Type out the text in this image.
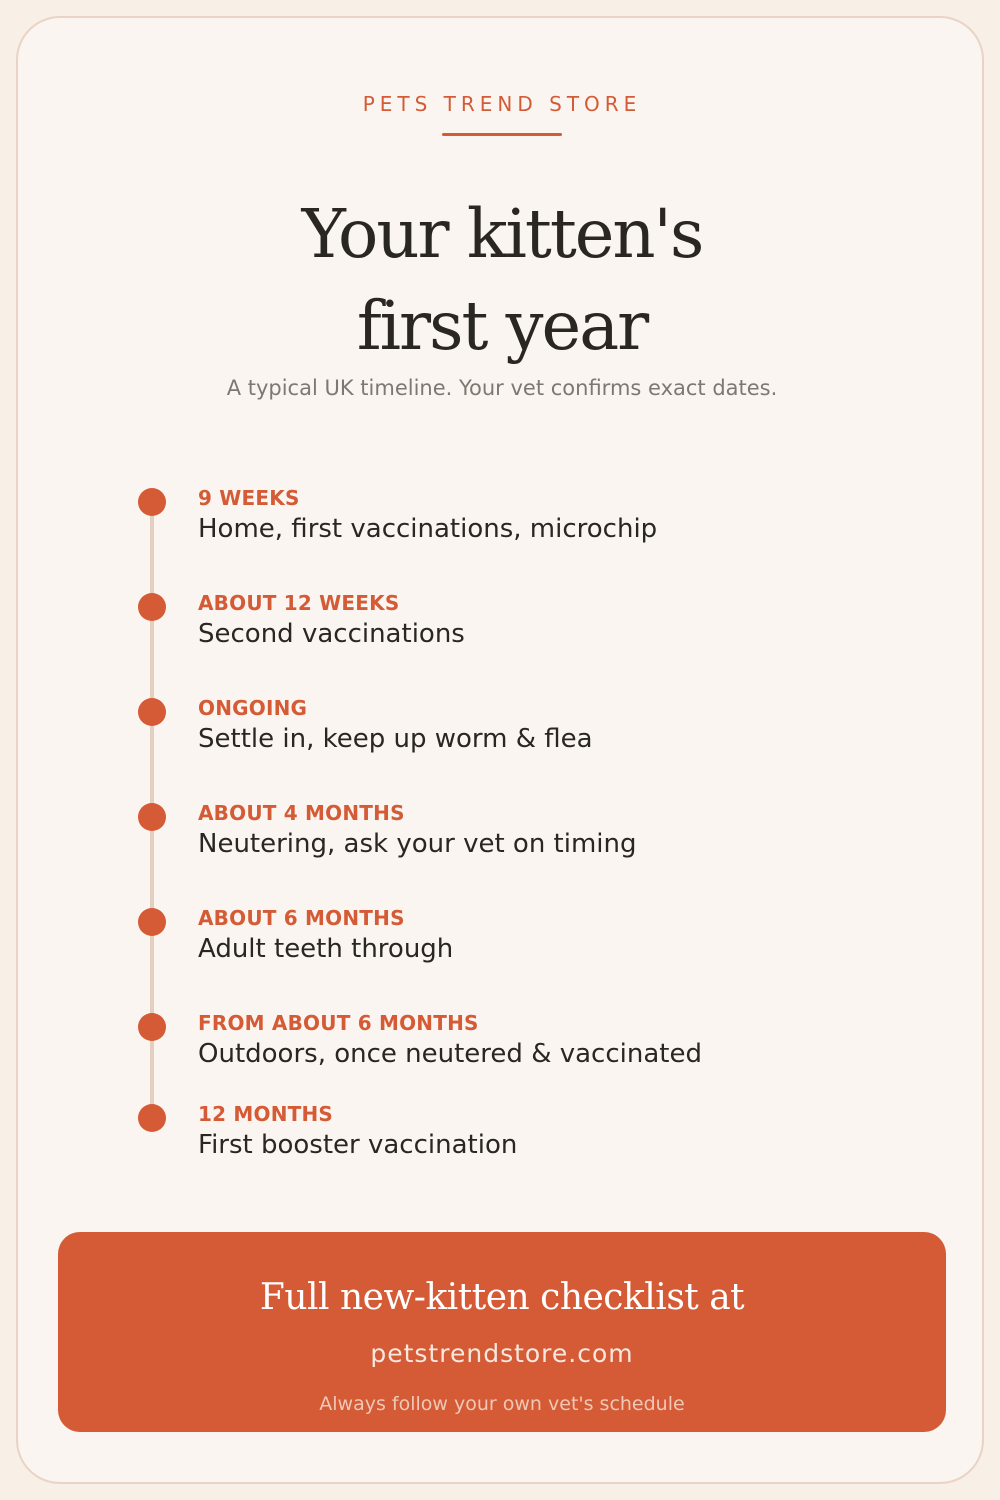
PETS TREND STORE
Your kitten's
first year
A typical UK timeline. Your vet confirms exact dates.
9 WEEKS
Home, first vaccinations, microchip
ABOUT 12 WEEKS
Second vaccinations
ONGOING
Settle in, keep up worm & flea
ABOUT 4 MONTHS
Neutering, ask your vet on timing
ABOUT 6 MONTHS
Adult teeth through
FROM ABOUT 6 MONTHS
Outdoors, once neutered & vaccinated
12 MONTHS
First booster vaccination
Full new-kitten checklist at
petstrendstore.com
Always follow your own vet's schedule
